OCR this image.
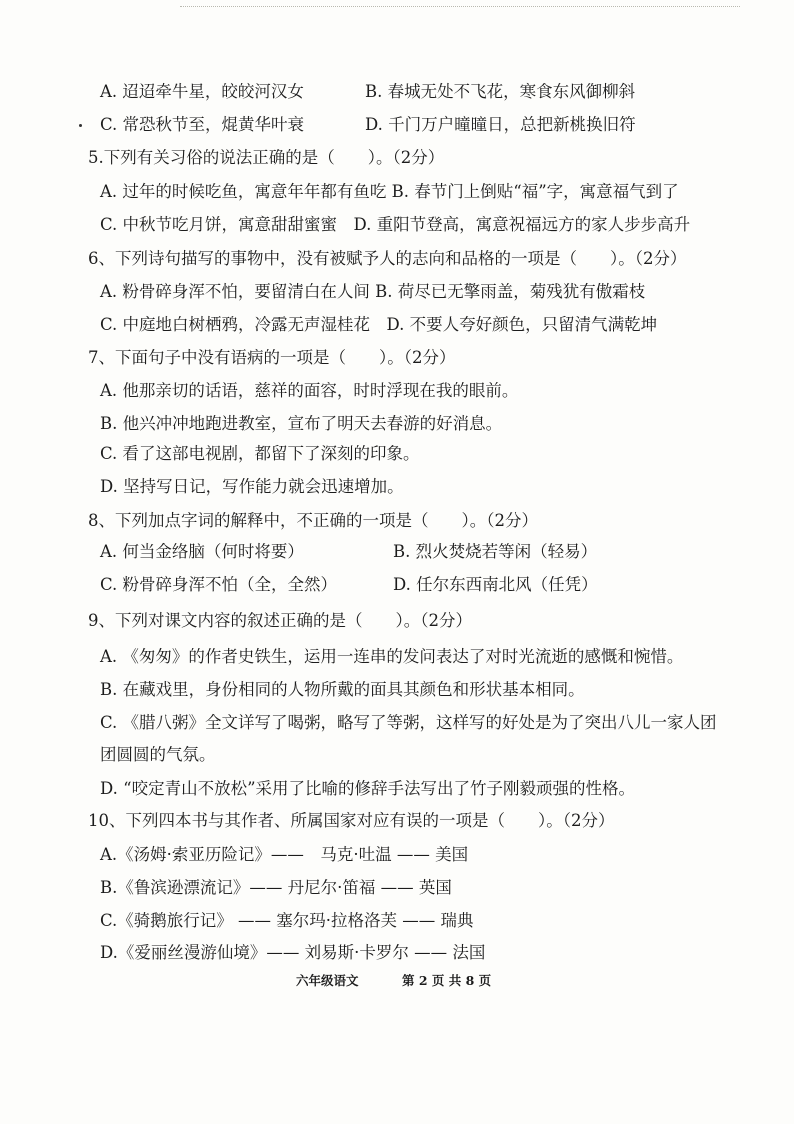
A. 迢迢牵牛星，皎皎河汉女	B. 春城无处不飞花，寒食东风御柳斜
C. 常恐秋节至，焜黄华叶衰	D. 千门万户曈曈日，总把新桃换旧符
5.下列有关习俗的说法正确的是（　　）。（2分）
A. 过年的时候吃鱼，寓意年年都有鱼吃 B. 春节门上倒贴“福”字，寓意福气到了
C. 中秋节吃月饼，寓意甜甜蜜蜜　D. 重阳节登高，寓意祝福远方的家人步步高升
6、下列诗句描写的事物中，没有被赋予人的志向和品格的一项是（　　）。（2分）
A. 粉骨碎身浑不怕，要留清白在人间 B. 荷尽已无擎雨盖，菊残犹有傲霜枝
C. 中庭地白树栖鸦，冷露无声湿桂花　D. 不要人夸好颜色，只留清气满乾坤
7、下面句子中没有语病的一项是（　　）。（2分）
A. 他那亲切的话语，慈祥的面容，时时浮现在我的眼前。
B. 他兴冲冲地跑进教室，宣布了明天去春游的好消息。
C. 看了这部电视剧，都留下了深刻的印象。
D. 坚持写日记，写作能力就会迅速增加。
8、下列加点字词的解释中，不正确的一项是（　　）。（2分）
A. 何当金络脑（何时将要）	B. 烈火焚烧若等闲（轻易）
C. 粉骨碎身浑不怕（全，全然）	D. 任尔东西南北风（任凭）
9、下列对课文内容的叙述正确的是（　　）。（2分）
A. 《匆匆》的作者史铁生，运用一连串的发问表达了对时光流逝的感慨和惋惜。
B. 在藏戏里，身份相同的人物所戴的面具其颜色和形状基本相同。
C. 《腊八粥》全文详写了喝粥，略写了等粥，这样写的好处是为了突出八儿一家人团
团圆圆的气氛。
D. “咬定青山不放松”采用了比喻的修辞手法写出了竹子刚毅顽强的性格。
10、下列四本书与其作者、所属国家对应有误的一项是（　　）。（2分）
A.《汤姆·索亚历险记》——　马克·吐温 —— 美国
B.《鲁滨逊漂流记》—— 丹尼尔·笛福 —— 英国
C.《骑鹅旅行记》 —— 塞尔玛·拉格洛芙 —— 瑞典
D.《爱丽丝漫游仙境》—— 刘易斯·卡罗尔 —— 法国
六年级语文	第 2 页 共 8 页
